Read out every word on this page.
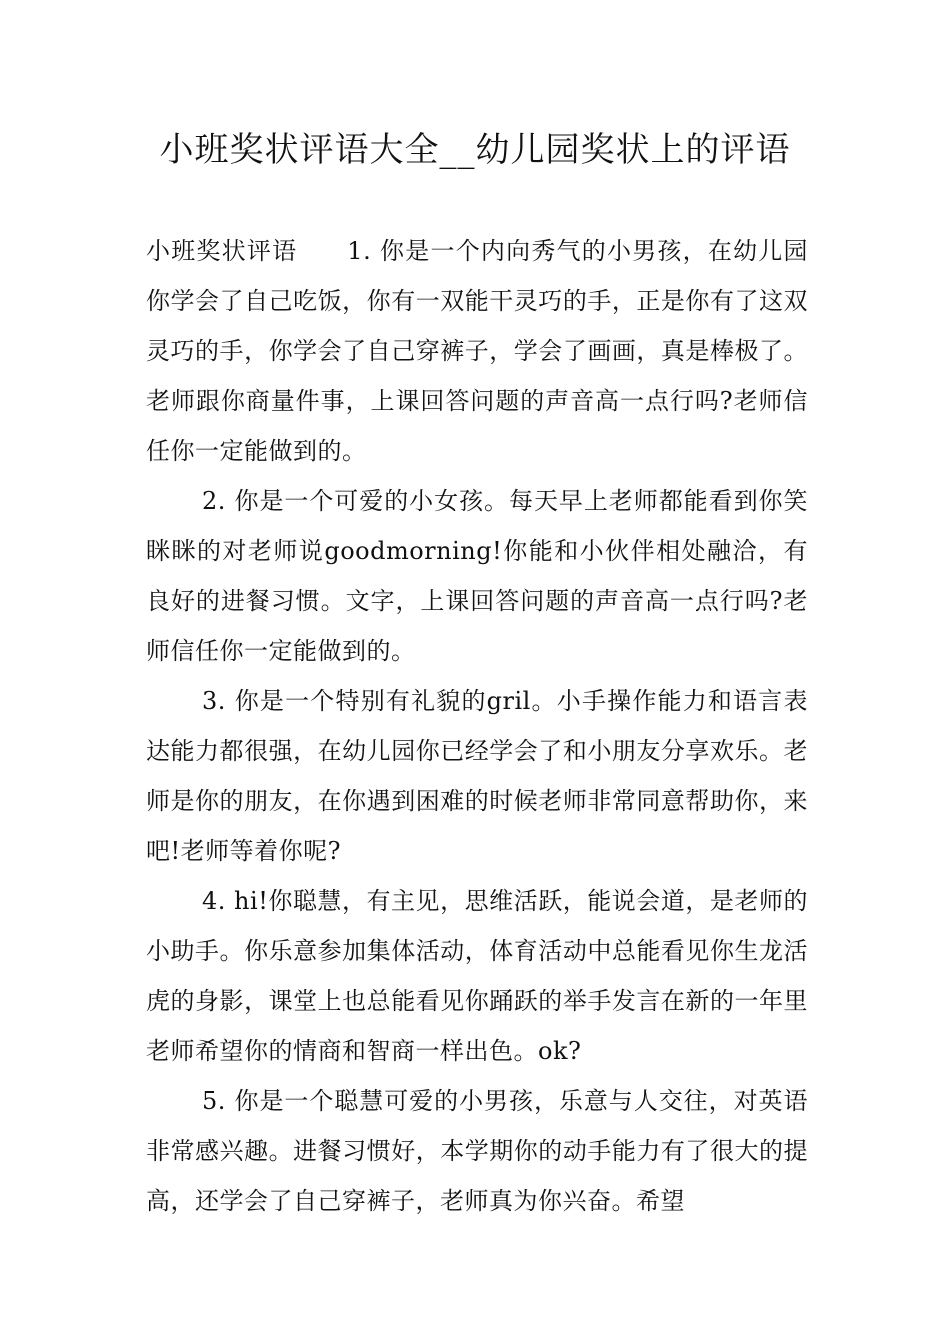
小班奖状评语大全__幼儿园奖状上的评语

小班奖状评语 1. 你是一个内向秀气的小男孩，在幼儿园你学会了自己吃饭，你有一双能干灵巧的手，正是你有了这双灵巧的手，你学会了自己穿裤子，学会了画画，真是棒极了。老师跟你商量件事，上课回答问题的声音高一点行吗?老师信任你一定能做到的。

2. 你是一个可爱的小女孩。每天早上老师都能看到你笑眯眯的对老师说goodmorning!你能和小伙伴相处融洽，有良好的进餐习惯。文字，上课回答问题的声音高一点行吗?老师信任你一定能做到的。

3. 你是一个特别有礼貌的gril。小手操作能力和语言表达能力都很强，在幼儿园你已经学会了和小朋友分享欢乐。老师是你的朋友，在你遇到困难的时候老师非常同意帮助你，来吧!老师等着你呢?

4. hi!你聪慧，有主见，思维活跃，能说会道，是老师的小助手。你乐意参加集体活动，体育活动中总能看见你生龙活虎的身影，课堂上也总能看见你踊跃的举手发言在新的一年里老师希望你的情商和智商一样出色。ok?

5. 你是一个聪慧可爱的小男孩，乐意与人交往，对英语非常感兴趣。进餐习惯好，本学期你的动手能力有了很大的提高，还学会了自己穿裤子，老师真为你兴奋。希望
